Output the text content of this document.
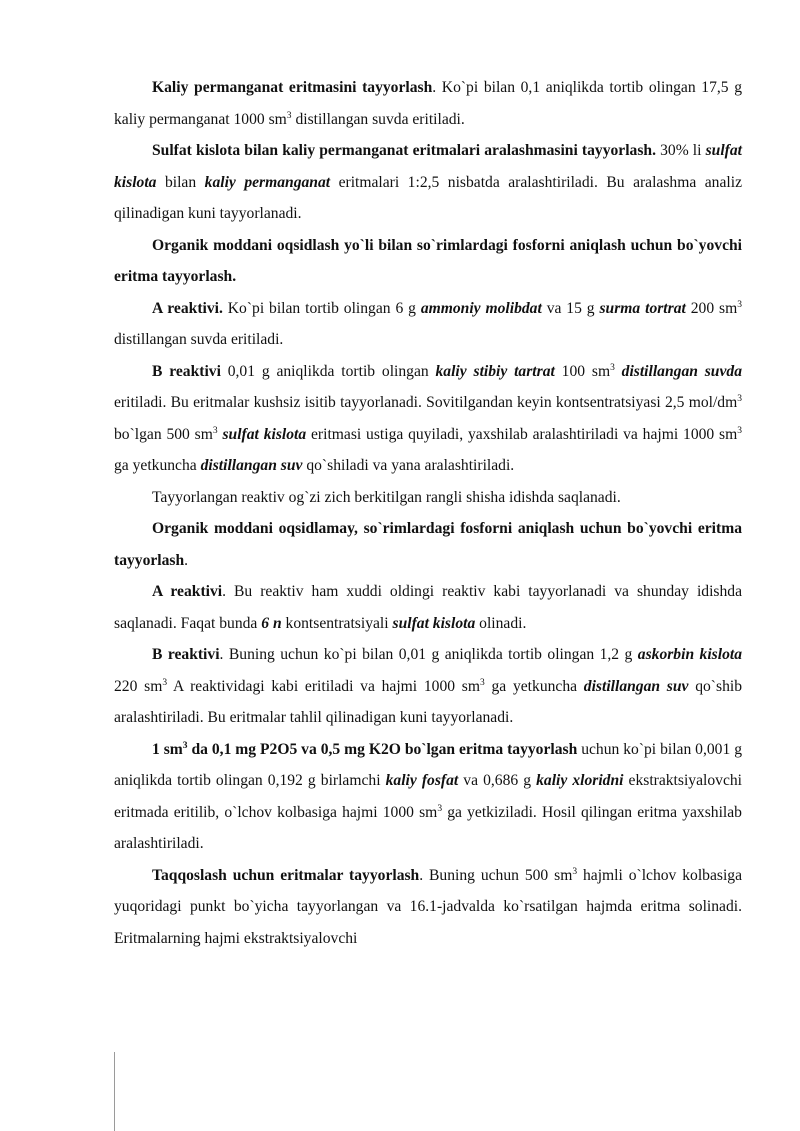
Kaliy permanganat eritmasini tayyorlash. Ko`pi bilan 0,1 aniqlikda tortib olingan 17,5 g kaliy permanganat 1000 $sm^3$ distillangan suvda eritiladi.

Sulfat kislota bilan kaliy permanganat eritmalari aralashmasini tayyorlash. 30% li sulfat kislota bilan kaliy permanganat eritmalari 1:2,5 nisbatda aralashtiriladi. Bu aralashma analiz qilinadigan kuni tayyorlanadi.

Organik moddani oqsidlash yo`li bilan so`rimlardagi fosforni aniqlash uchun bo`yovchi eritma tayyorlash.

A reaktivi. Ko`pi bilan tortib olingan 6 g ammoniy molibdat va 15 g surma tortrat 200 $sm^3$ distillangan suvda eritiladi.

B reaktivi 0,01 g aniqlikda tortib olingan kaliy stibiy tartrat 100 $sm^3$ distillangan suvda eritiladi. Bu eritmalar kushsiz isitib tayyorlanadi. Sovitilgandan keyin kontsentratsiyasi 2,5 mol/$dm^3$ bo`lgan 500 $sm^3$ sulfat kislota eritmasi ustiga quyiladi, yaxshilab aralashtiriladi va hajmi 1000 $sm^3$ ga yetkuncha distillangan suv qo`shiladi va yana aralashtiriladi.

Tayyorlangan reaktiv og`zi zich berkitilgan rangli shisha idishda saqlanadi.

Organik moddani oqsidlamay, so`rimlardagi fosforni aniqlash uchun bo`yovchi eritma tayyorlash.

A reaktivi. Bu reaktiv ham xuddi oldingi reaktiv kabi tayyorlanadi va shunday idishda saqlanadi. Faqat bunda 6 n kontsentratsiyali sulfat kislota olinadi.

B reaktivi. Buning uchun ko`pi bilan 0,01 g aniqlikda tortib olingan 1,2 g askorbin kislota 220 $sm^3$ A reaktividagi kabi eritiladi va hajmi 1000 $sm^3$ ga yetkuncha distillangan suv qo`shib aralashtiriladi. Bu eritmalar tahlil qilinadigan kuni tayyorlanadi.

1 $sm^3$ da 0,1 mg P2O5 va 0,5 mg K2O bo`lgan eritma tayyorlash uchun ko`pi bilan 0,001 g aniqlikda tortib olingan 0,192 g birlamchi kaliy fosfat va 0,686 g kaliy xloridni ekstraktsiyalovchi eritmada eritilib, o`lchov kolbasiga hajmi 1000 $sm^3$ ga yetkiziladi. Hosil qilingan eritma yaxshilab aralashtiriladi.

Taqqoslash uchun eritmalar tayyorlash. Buning uchun 500 $sm^3$ hajmli o`lchov kolbasiga yuqoridagi punkt bo`yicha tayyorlangan va 16.1-jadvalda ko`rsatilgan hajmda eritma solinadi. Eritmalarning hajmi ekstraktsiyalovchi
